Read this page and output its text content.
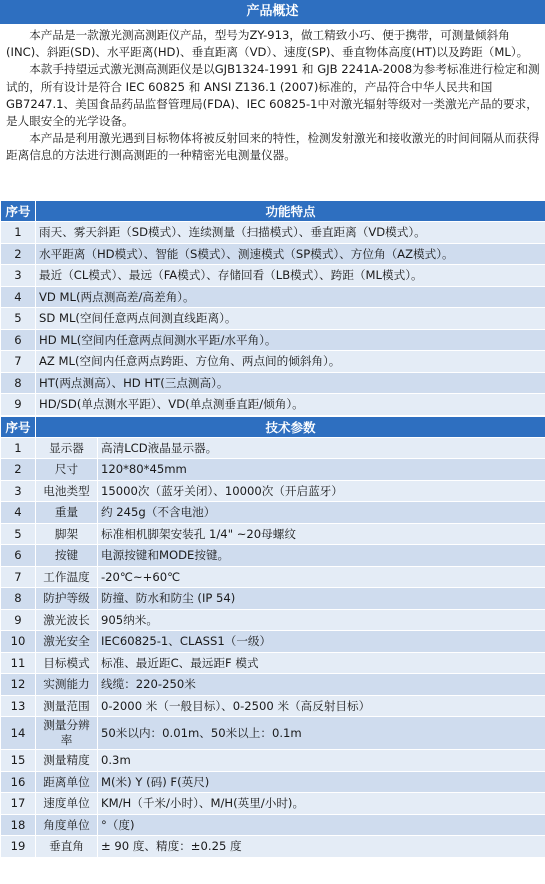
产品概述

本产品是一款激光测高测距仪产品，型号为ZY-913，做工精致小巧、便于携带，可测量倾斜角(INC)、斜距(SD)、水平距离(HD)、垂直距离（VD）、速度(SP)、垂直物体高度(HT)以及跨距（ML）。

本款手持望远式激光测高测距仪是以GJB1324-1991 和 GJB 2241A-2008为参考标准进行检定和测试的，所有设计是符合 IEC 60825 和 ANSI Z136.1 (2007)标准的，产品符合中华人民共和国GB7247.1、美国食品药品监督管理局(FDA)、IEC 60825-1中对激光辐射等级对一类激光产品的要求，是人眼安全的光学设备。

本产品是利用激光遇到目标物体将被反射回来的特性，检测发射激光和接收激光的时间间隔从而获得距离信息的方法进行测高测距的一种精密光电测量仪器。

序号	功能特点
1	雨天、雾天斜距（SD模式）、连续测量（扫描模式）、垂直距离（VD模式）。
2	水平距离（HD模式）、智能（S模式）、测速模式（SP模式）、方位角（AZ模式）。
3	最近（CL模式）、最远（FA模式）、存储回看（LB模式）、跨距（ML模式）。
4	VD ML(两点测高差/高差角）。
5	SD ML(空间任意两点间测直线距离）。
6	HD ML(空间内任意两点间测水平距/水平角）。
7	AZ ML(空间内任意两点跨距、方位角、两点间的倾斜角）。
8	HT(两点测高）、HD HT(三点测高）。
9	HD/SD(单点测水平距）、VD(单点测垂直距/倾角）。
序号	技术参数	
1	显示器	高清LCD液晶显示器。
2	尺寸	120*80*45mm
3	电池类型	15000次（蓝牙关闭）、10000次（开启蓝牙）
4	重量	约 245g（不含电池）
5	脚架	标准相机脚架安装孔 1/4" ~20母螺纹
6	按键	电源按键和MODE按键。
7	工作温度	-20℃~+60℃
8	防护等级	防撞、防水和防尘 (IP 54)
9	激光波长	905纳米。
10	激光安全	IEC60825-1、CLASS1（一级）
11	目标模式	标准、最近距C、最远距F 模式
12	实测能力	线缆：220-250米
13	测量范围	0-2000 米（一般目标）、0-2500 米（高反射目标）
14	测量分辨率	50米以内：0.01m、50米以上：0.1m
15	测量精度	0.3m
16	距离单位	M(米) Y (码) F(英尺)
17	速度单位	KM/H（千米/小时）、M/H(英里/小时)。
18	角度单位	°（度)
19	垂直角	± 90 度、精度：±0.25 度
